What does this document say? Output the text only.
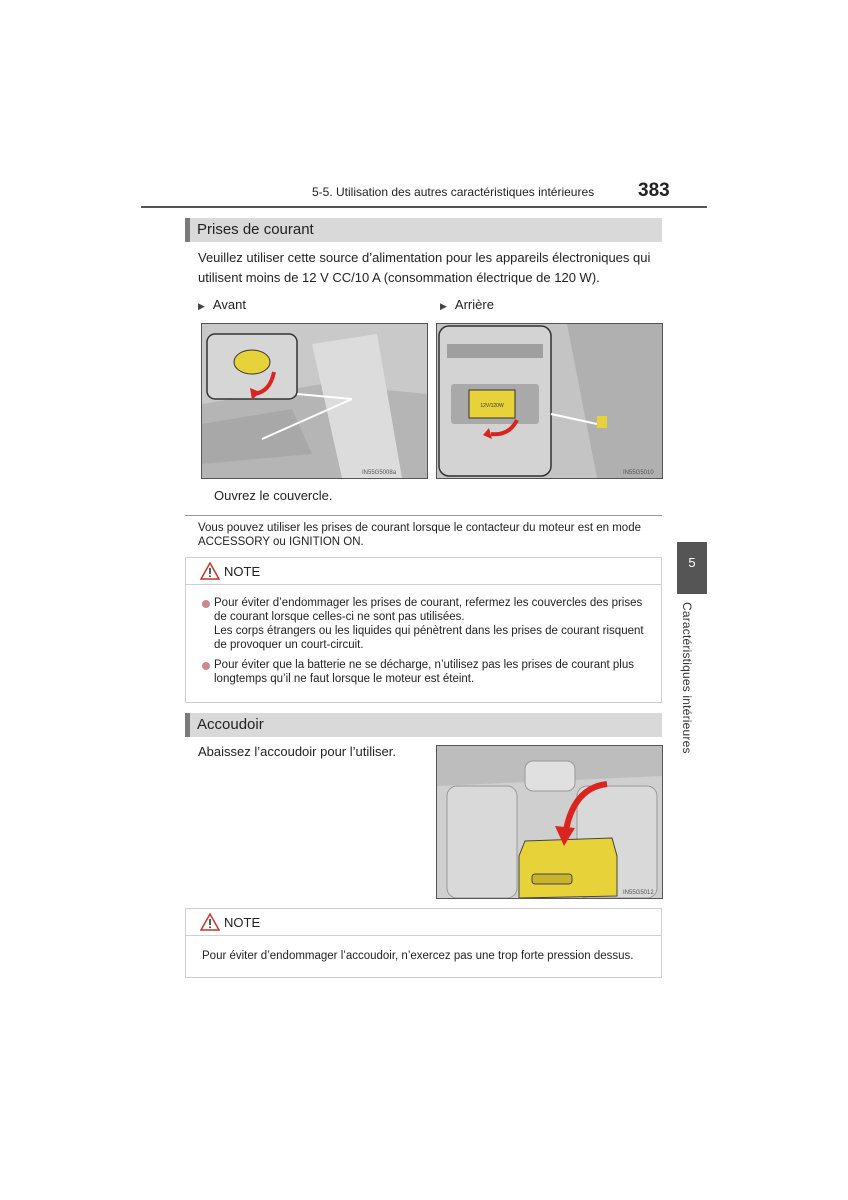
5-5. Utilisation des autres caractéristiques intérieures 383
5
Caractéristiques intérieures
Prises de courant
Veuillez utiliser cette source d’alimentation pour les appareils électroniques qui
utilisent moins de 12 V CC/10 A (consommation électrique de 120 W).
▶ Avant	▶ Arrière
IN55G5008a
12V/120W
IN55G5010
Ouvrez le couvercle.
Vous pouvez utiliser les prises de courant lorsque le contacteur du moteur est en mode
ACCESSORY ou IGNITION ON.
NOTE
Pour éviter d’endommager les prises de courant, refermez les couvercles des prises
de courant lorsque celles-ci ne sont pas utilisées.
Les corps étrangers ou les liquides qui pénètrent dans les prises de courant risquent
de provoquer un court-circuit.
Pour éviter que la batterie ne se décharge, n’utilisez pas les prises de courant plus
longtemps qu’il ne faut lorsque le moteur est éteint.
Accoudoir
Abaissez l’accoudoir pour l’utiliser.
IN55G5012
NOTE
Pour éviter d’endommager l’accoudoir, n’exercez pas une trop forte pression dessus.
